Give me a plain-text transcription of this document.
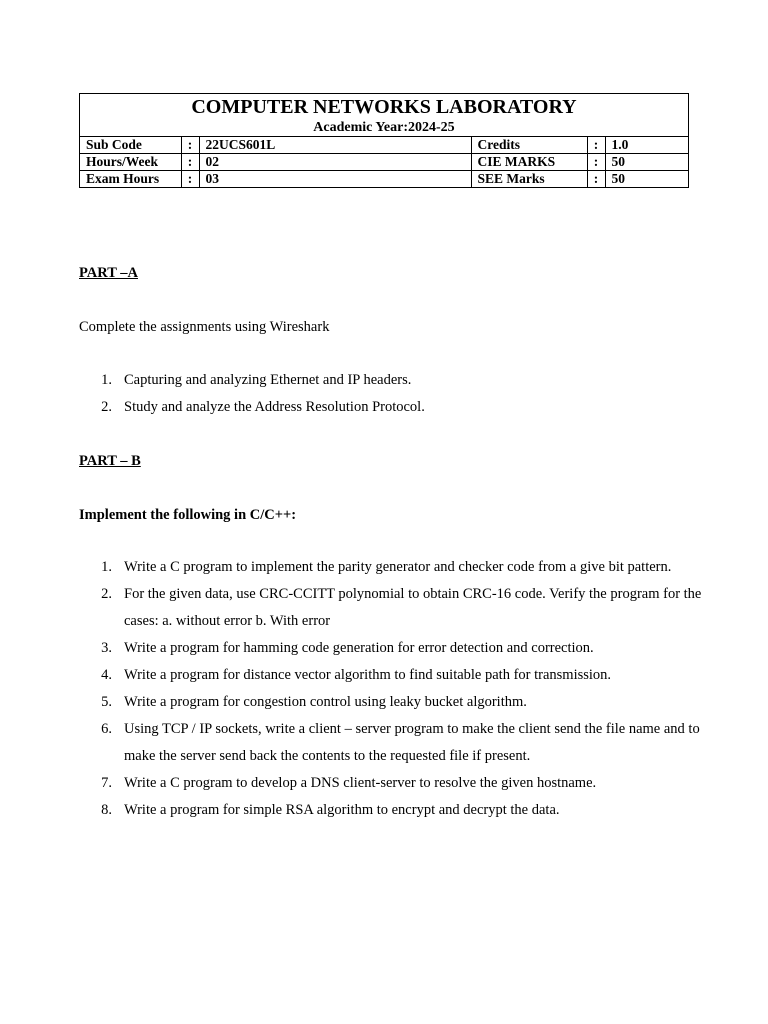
COMPUTER NETWORKS LABORATORY
Academic Year:2024-25
Sub Code	:	22UCS601L	Credits	:	1.0
Hours/Week	:	02	CIE MARKS	:	50
Exam Hours	:	03	SEE Marks	:	50
PART –A
Complete the assignments using Wireshark
1. Capturing and analyzing Ethernet and IP headers.
2. Study and analyze the Address Resolution Protocol.
PART – B
Implement the following in C/C++:
1. Write a C program to implement the parity generator and checker code from a give bit pattern.
2. For the given data, use CRC-CCITT polynomial to obtain CRC-16 code. Verify the program for the cases: a. without error b. With error
3. Write a program for hamming code generation for error detection and correction.
4. Write a program for distance vector algorithm to find suitable path for transmission.
5. Write a program for congestion control using leaky bucket algorithm.
6. Using TCP / IP sockets, write a client – server program to make the client send the file name and to make the server send back the contents to the requested file if present.
7. Write a C program to develop a DNS client-server to resolve the given hostname.
8. Write a program for simple RSA algorithm to encrypt and decrypt the data.
